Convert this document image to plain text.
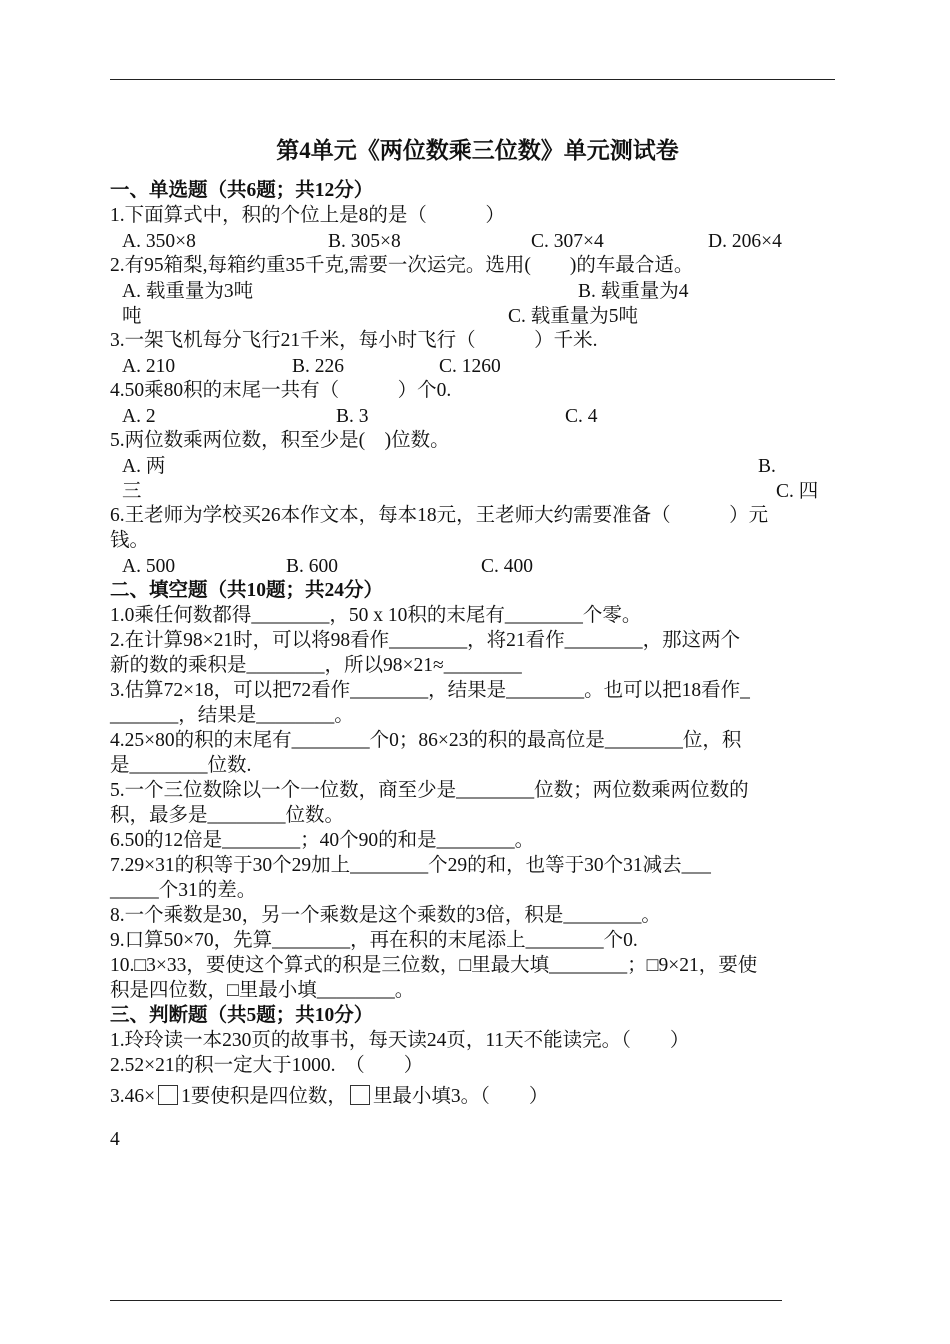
第4单元《两位数乘三位数》单元测试卷
一、单选题（共6题；共12分）
1.下面算式中，积的个位上是8的是（　　　）
A. 350×8	B. 305×8	C. 307×4	D. 206×4
2.有95箱梨,每箱约重35千克,需要一次运完。选用(　　)的车最合适。
A. 载重量为3吨	B. 载重量为4
吨	C. 载重量为5吨
3.一架飞机每分飞行21千米，每小时飞行（　　　）千米.
A. 210	B. 226	C. 1260
4.50乘80积的末尾一共有（　　　）个0.
A. 2	B. 3	C. 4
5.两位数乘两位数，积至少是(　)位数。
A. 两	B.
三	C. 四
6.王老师为学校买26本作文本，每本18元，王老师大约需要准备（　　　）元
钱。
A. 500	B. 600	C. 400
二、填空题（共10题；共24分）
1.0乘任何数都得________，50 x 10积的末尾有________个零。
2.在计算98×21时，可以将98看作________，将21看作________，那这两个
新的数的乘积是________，所以98×21≈________
3.估算72×18，可以把72看作________，结果是________。也可以把18看作_
_______，结果是________。
4.25×80的积的末尾有________个0；86×23的积的最高位是________位，积
是________位数.
5.一个三位数除以一个一位数，商至少是________位数；两位数乘两位数的
积，最多是________位数。
6.50的12倍是________；40个90的和是________。
7.29×31的积等于30个29加上________个29的和，也等于30个31减去___
_____个31的差。
8.一个乘数是30，另一个乘数是这个乘数的3倍，积是________。
9.口算50×70，先算________，再在积的末尾添上________个0.
10.□3×33，要使这个算式的积是三位数，□里最大填________；□9×21，要使
积是四位数，□里最小填________。
三、判断题（共5题；共10分）
1.玲玲读一本230页的故事书，每天读24页，11天不能读完。（　　）
2.52×21的积一定大于1000.　（　　）
3.46× 1要使积是四位数， 里最小填3。（　　）
4
